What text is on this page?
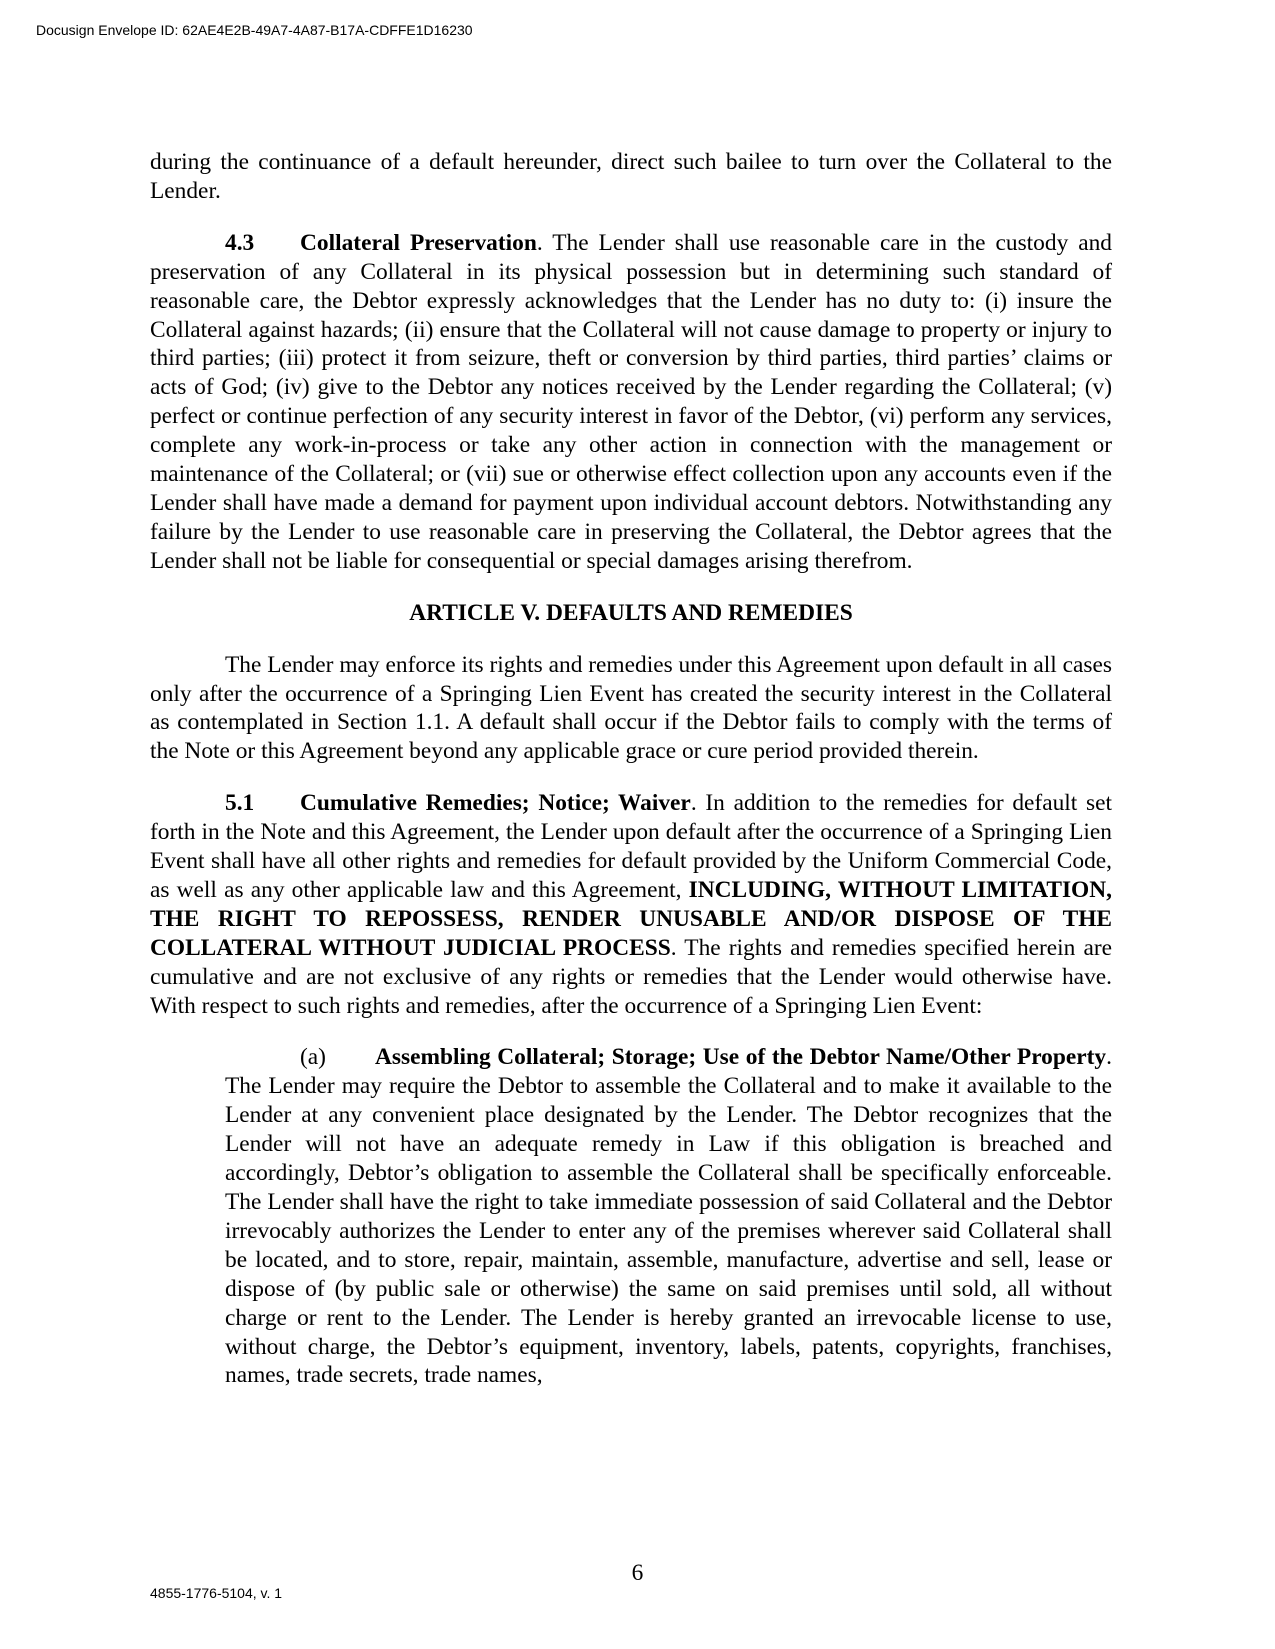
Docusign Envelope ID: 62AE4E2B-49A7-4A87-B17A-CDFFE1D16230

during the continuance of a default hereunder, direct such bailee to turn over the Collateral to the Lender.

4.3 Collateral Preservation. The Lender shall use reasonable care in the custody and preservation of any Collateral in its physical possession but in determining such standard of reasonable care, the Debtor expressly acknowledges that the Lender has no duty to: (i) insure the Collateral against hazards; (ii) ensure that the Collateral will not cause damage to property or injury to third parties; (iii) protect it from seizure, theft or conversion by third parties, third parties’ claims or acts of God; (iv) give to the Debtor any notices received by the Lender regarding the Collateral; (v) perfect or continue perfection of any security interest in favor of the Debtor, (vi) perform any services, complete any work-in-process or take any other action in connection with the management or maintenance of the Collateral; or (vii) sue or otherwise effect collection upon any accounts even if the Lender shall have made a demand for payment upon individual account debtors. Notwithstanding any failure by the Lender to use reasonable care in preserving the Collateral, the Debtor agrees that the Lender shall not be liable for consequential or special damages arising therefrom.

ARTICLE V. DEFAULTS AND REMEDIES

The Lender may enforce its rights and remedies under this Agreement upon default in all cases only after the occurrence of a Springing Lien Event has created the security interest in the Collateral as contemplated in Section 1.1. A default shall occur if the Debtor fails to comply with the terms of the Note or this Agreement beyond any applicable grace or cure period provided therein.

5.1 Cumulative Remedies; Notice; Waiver. In addition to the remedies for default set forth in the Note and this Agreement, the Lender upon default after the occurrence of a Springing Lien Event shall have all other rights and remedies for default provided by the Uniform Commercial Code, as well as any other applicable law and this Agreement, INCLUDING, WITHOUT LIMITATION, THE RIGHT TO REPOSSESS, RENDER UNUSABLE AND/OR DISPOSE OF THE COLLATERAL WITHOUT JUDICIAL PROCESS. The rights and remedies specified herein are cumulative and are not exclusive of any rights or remedies that the Lender would otherwise have. With respect to such rights and remedies, after the occurrence of a Springing Lien Event:

(a) Assembling Collateral; Storage; Use of the Debtor Name/Other Property. The Lender may require the Debtor to assemble the Collateral and to make it available to the Lender at any convenient place designated by the Lender. The Debtor recognizes that the Lender will not have an adequate remedy in Law if this obligation is breached and accordingly, Debtor’s obligation to assemble the Collateral shall be specifically enforceable. The Lender shall have the right to take immediate possession of said Collateral and the Debtor irrevocably authorizes the Lender to enter any of the premises wherever said Collateral shall be located, and to store, repair, maintain, assemble, manufacture, advertise and sell, lease or dispose of (by public sale or otherwise) the same on said premises until sold, all without charge or rent to the Lender. The Lender is hereby granted an irrevocable license to use, without charge, the Debtor’s equipment, inventory, labels, patents, copyrights, franchises, names, trade secrets, trade names,

6
4855-1776-5104, v. 1
